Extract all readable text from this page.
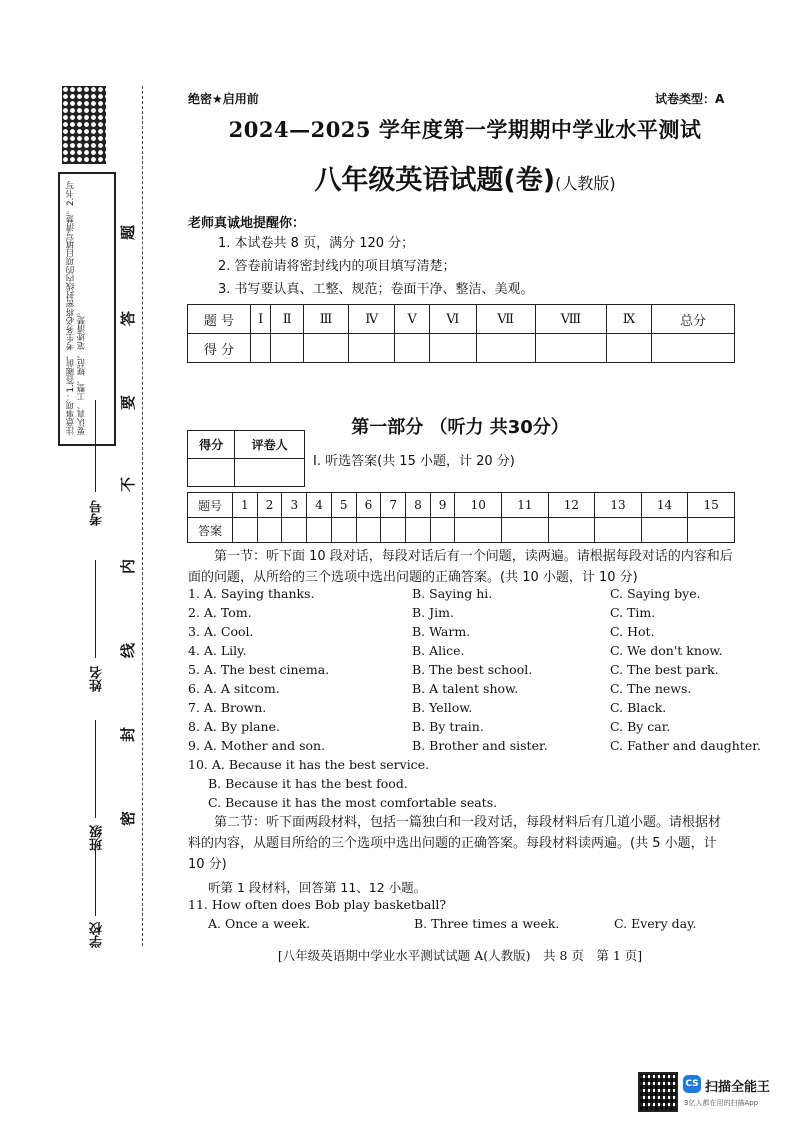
注意事项：1.答题前，考生务必将密封线内的项目填写清楚。2.书写要认真、工整、规范、笔迹清楚。
题
答
要
不
内
线
封
密
考号
姓名
班级
学校
绝密★启用前	试卷类型：A
2024—2025 学年度第一学期期中学业水平测试
八年级英语试题(卷)(人教版)
老师真诚地提醒你：
1. 本试卷共 8 页，满分 120 分；
2. 答卷前请将密封线内的项目填写清楚；
3. 书写要认真、工整、规范；卷面干净、整洁、美观。
题 号	Ⅰ	Ⅱ	Ⅲ	Ⅳ	Ⅴ	Ⅵ	Ⅶ	Ⅷ	Ⅸ	总分
得 分										
第一部分 （听力 共30分）
得分	评卷人

Ⅰ. 听选答案(共 15 小题，计 20 分)
题号	1	2	3	4	5	6	7	8	9	10	11	12	13	14	15
答案															
第一节：听下面 10 段对话，每段对话后有一个问题，读两遍。请根据每段对话的内容和后面的问题，从所给的三个选项中选出问题的正确答案。(共 10 小题，计 10 分)
1. A. Saying thanks.	B. Saying hi.	C. Saying bye.
2. A. Tom.	B. Jim.	C. Tim.
3. A. Cool.	B. Warm.	C. Hot.
4. A. Lily.	B. Alice.	C. We don't know.
5. A. The best cinema.	B. The best school.	C. The best park.
6. A. A sitcom.	B. A talent show.	C. The news.
7. A. Brown.	B. Yellow.	C. Black.
8. A. By plane.	B. By train.	C. By car.
9. A. Mother and son.	B. Brother and sister.	C. Father and daughter.
10. A. Because it has the best service.
B. Because it has the best food.
C. Because it has the most comfortable seats.
第二节：听下面两段材料，包括一篇独白和一段对话，每段材料后有几道小题。请根据材料的内容，从题目所给的三个选项中选出问题的正确答案。每段材料读两遍。(共 5 小题，计 10 分)
听第 1 段材料，回答第 11、12 小题。
11. How often does Bob play basketball?
A. Once a week.	B. Three times a week.	C. Every day.
[八年级英语期中学业水平测试试题 A(人教版)　共 8 页　第 1 页]
CS 扫描全能王
3亿人都在用的扫描App
